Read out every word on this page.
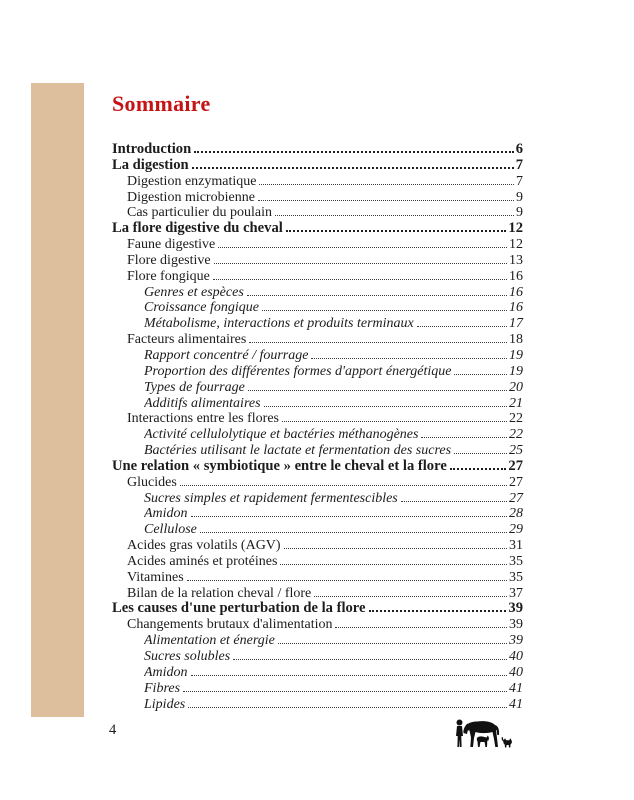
Sommaire
Introduction	6
La digestion	7
Digestion enzymatique	7
Digestion microbienne	9
Cas particulier du poulain	9
La flore digestive du cheval	12
Faune digestive	12
Flore digestive	13
Flore fongique	16
Genres et espèces	16
Croissance fongique	16
Métabolisme, interactions et produits terminaux	17
Facteurs alimentaires	18
Rapport concentré / fourrage	19
Proportion des différentes formes d'apport énergétique	19
Types de fourrage	20
Additifs alimentaires	21
Interactions entre les flores	22
Activité cellulolytique et bactéries méthanogènes	22
Bactéries utilisant le lactate et fermentation des sucres	25
Une relation « symbiotique » entre le cheval et la flore	27
Glucides	27
Sucres simples et rapidement fermentescibles	27
Amidon	28
Cellulose	29
Acides gras volatils (AGV)	31
Acides aminés et protéines	35
Vitamines	35
Bilan de la relation cheval / flore	37
Les causes d'une perturbation de la flore	39
Changements brutaux d'alimentation	39
Alimentation et énergie	39
Sucres solubles	40
Amidon	40
Fibres	41
Lipides	41
4
